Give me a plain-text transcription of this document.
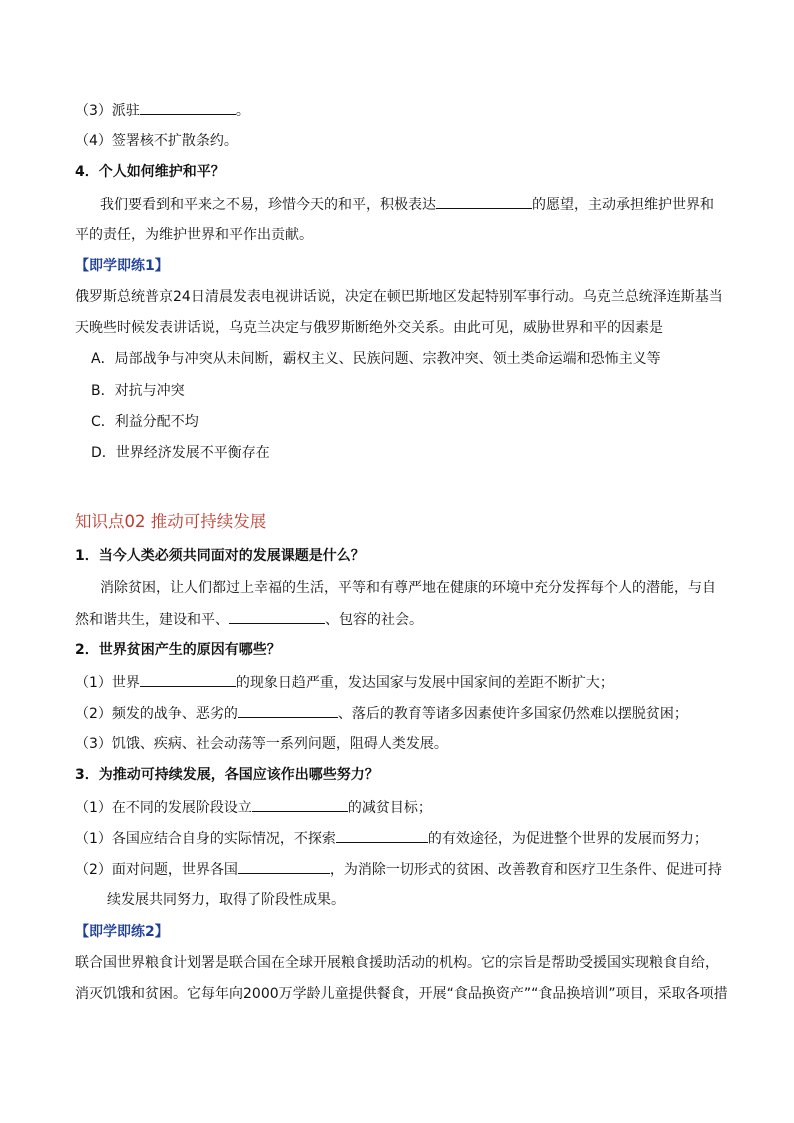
（3）派驻	。
（4）签署核不扩散条约。
4．个人如何维护和平？
我们要看到和平来之不易，珍惜今天的和平，积极表达	的愿望，主动承担维护世界和
平的责任，为维护世界和平作出贡献。
【即学即练1】
俄罗斯总统普京24日清晨发表电视讲话说，决定在顿巴斯地区发起特别军事行动。乌克兰总统泽连斯基当
天晚些时候发表讲话说，乌克兰决定与俄罗斯断绝外交关系。由此可见，威胁世界和平的因素是
A．局部战争与冲突从未间断，霸权主义、民族问题、宗教冲突、领土类命运端和恐怖主义等
B．对抗与冲突
C．利益分配不均
D．世界经济发展不平衡存在
知识点02 推动可持续发展
1．当今人类必须共同面对的发展课题是什么？
消除贫困，让人们都过上幸福的生活，平等和有尊严地在健康的环境中充分发挥每个人的潜能，与自
然和谐共生，建设和平、	、包容的社会。
2．世界贫困产生的原因有哪些？
（1）世界	的现象日趋严重，发达国家与发展中国家间的差距不断扩大；
（2）频发的战争、恶劣的	、落后的教育等诸多因素使许多国家仍然难以摆脱贫困；
（3）饥饿、疾病、社会动荡等一系列问题，阻碍人类发展。
3．为推动可持续发展，各国应该作出哪些努力？
（1）在不同的发展阶段设立	的减贫目标；
（1）各国应结合自身的实际情况，不探索	的有效途径，为促进整个世界的发展而努力；
（2）面对问题，世界各国	，为消除一切形式的贫困、改善教育和医疗卫生条件、促进可持
续发展共同努力，取得了阶段性成果。
【即学即练2】
联合国世界粮食计划署是联合国在全球开展粮食援助活动的机构。它的宗旨是帮助受援国实现粮食自给，
消灭饥饿和贫困。它每年向2000万学龄儿童提供餐食，开展“食品换资产”“食品换培训”项目，采取各项措
